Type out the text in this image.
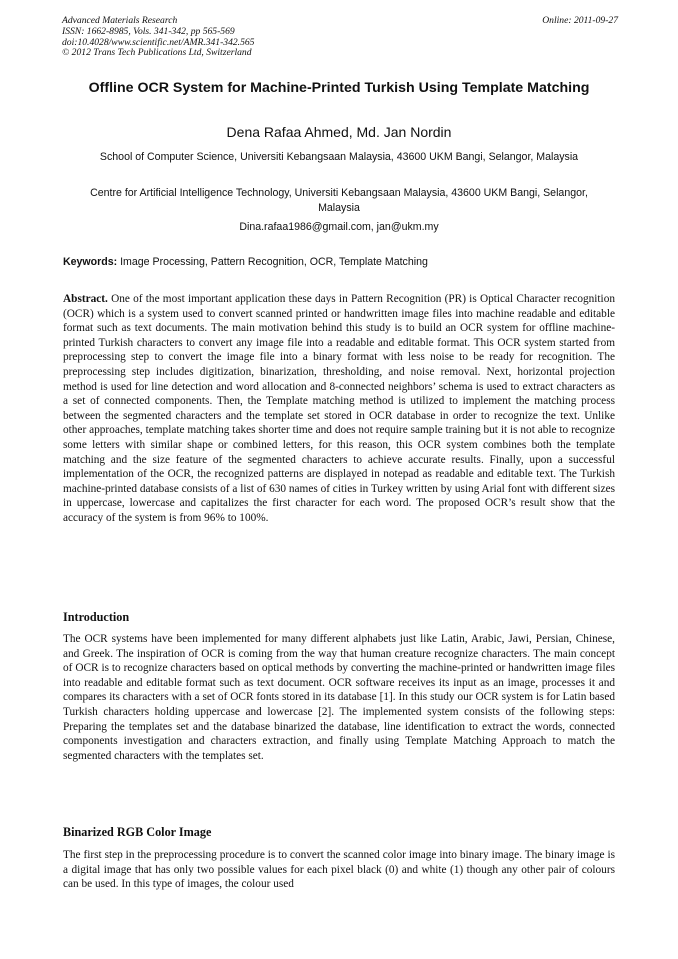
Advanced Materials Research
ISSN: 1662-8985, Vols. 341-342, pp 565-569
doi:10.4028/www.scientific.net/AMR.341-342.565
© 2012 Trans Tech Publications Ltd, Switzerland
Online: 2011-09-27
Offline OCR System for Machine-Printed Turkish Using Template Matching
Dena Rafaa Ahmed, Md. Jan Nordin
School of Computer Science, Universiti Kebangsaan Malaysia, 43600 UKM Bangi, Selangor, Malaysia
Centre for Artificial Intelligence Technology, Universiti Kebangsaan Malaysia, 43600 UKM Bangi, Selangor, Malaysia
Dina.rafaa1986@gmail.com, jan@ukm.my
Keywords: Image Processing, Pattern Recognition, OCR, Template Matching
Abstract. One of the most important application these days in Pattern Recognition (PR) is Optical Character recognition (OCR) which is a system used to convert scanned printed or handwritten image files into machine readable and editable format such as text documents. The main motivation behind this study is to build an OCR system for offline machine-printed Turkish characters to convert any image file into a readable and editable format. This OCR system started from preprocessing step to convert the image file into a binary format with less noise to be ready for recognition. The preprocessing step includes digitization, binarization, thresholding, and noise removal. Next, horizontal projection method is used for line detection and word allocation and 8-connected neighbors’ schema is used to extract characters as a set of connected components. Then, the Template matching method is utilized to implement the matching process between the segmented characters and the template set stored in OCR database in order to recognize the text. Unlike other approaches, template matching takes shorter time and does not require sample training but it is not able to recognize some letters with similar shape or combined letters, for this reason, this OCR system combines both the template matching and the size feature of the segmented characters to achieve accurate results. Finally, upon a successful implementation of the OCR, the recognized patterns are displayed in notepad as readable and editable text. The Turkish machine-printed database consists of a list of 630 names of cities in Turkey written by using Arial font with different sizes in uppercase, lowercase and capitalizes the first character for each word. The proposed OCR’s result show that the accuracy of the system is from 96% to 100%.
Introduction
The OCR systems have been implemented for many different alphabets just like Latin, Arabic, Jawi, Persian, Chinese, and Greek. The inspiration of OCR is coming from the way that human creature recognize characters. The main concept of OCR is to recognize characters based on optical methods by converting the machine-printed or handwritten image files into readable and editable format such as text document. OCR software receives its input as an image, processes it and compares its characters with a set of OCR fonts stored in its database [1]. In this study our OCR system is for Latin based Turkish characters holding uppercase and lowercase [2]. The implemented system consists of the following steps: Preparing the templates set and the database binarized the database, line identification to extract the words, connected components investigation and characters extraction, and finally using Template Matching Approach to match the segmented characters with the templates set.
Binarized RGB Color Image
The first step in the preprocessing procedure is to convert the scanned color image into binary image. The binary image is a digital image that has only two possible values for each pixel black (0) and white (1) though any other pair of colours can be used. In this type of images, the colour used
